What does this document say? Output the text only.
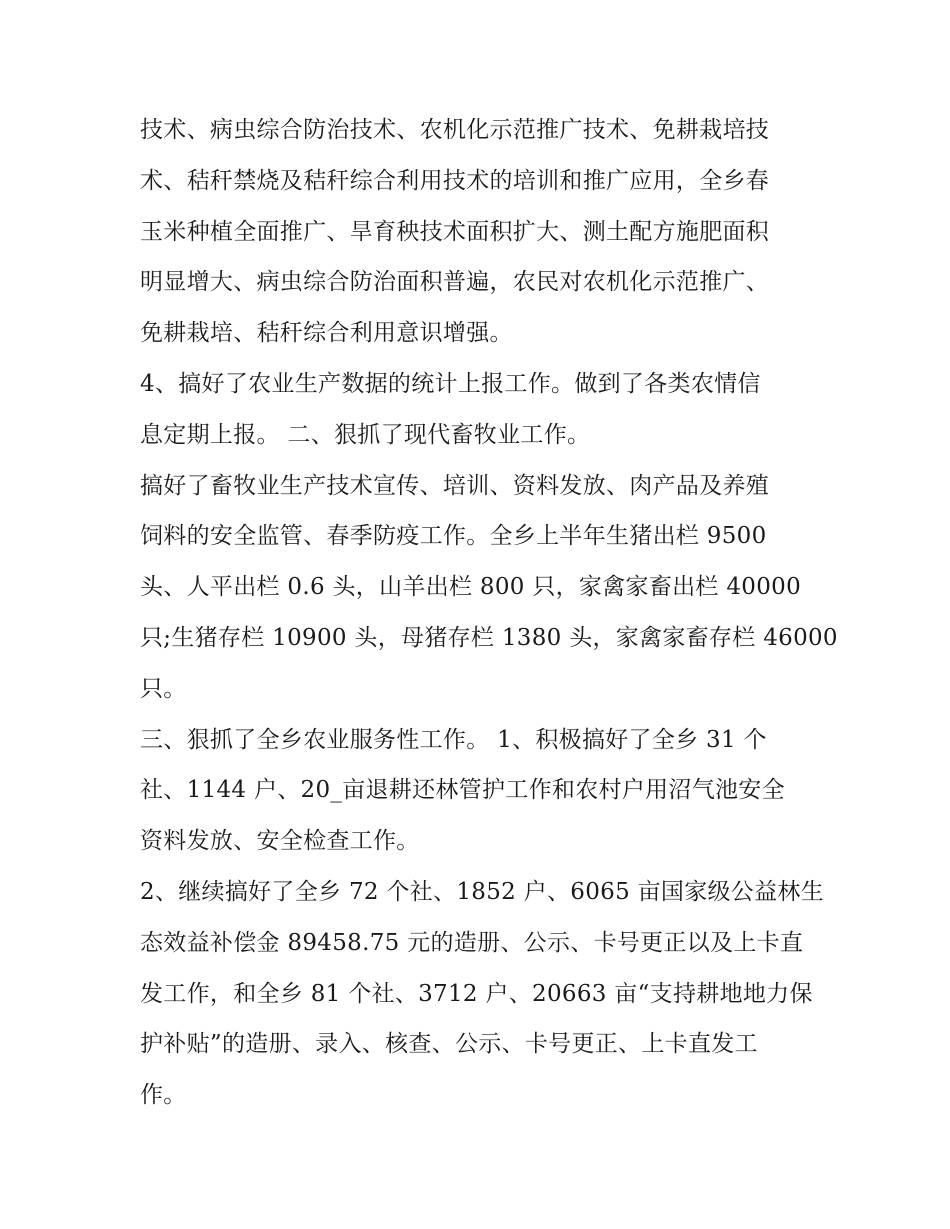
技术、病虫综合防治技术、农机化示范推广技术、免耕栽培技
术、秸秆禁烧及秸秆综合利用技术的培训和推广应用，全乡春
玉米种植全面推广、旱育秧技术面积扩大、测土配方施肥面积
明显增大、病虫综合防治面积普遍，农民对农机化示范推广、
免耕栽培、秸秆综合利用意识增强。
4、搞好了农业生产数据的统计上报工作。做到了各类农情信
息定期上报。 二、狠抓了现代畜牧业工作。
搞好了畜牧业生产技术宣传、培训、资料发放、肉产品及养殖
饲料的安全监管、春季防疫工作。全乡上半年生猪出栏 9500
头、人平出栏 0.6 头，山羊出栏 800 只，家禽家畜出栏 40000
只;生猪存栏 10900 头，母猪存栏 1380 头，家禽家畜存栏 46000
只。
三、狠抓了全乡农业服务性工作。 1、积极搞好了全乡 31 个
社、1144 户、20_亩退耕还林管护工作和农村户用沼气池安全
资料发放、安全检查工作。
2、继续搞好了全乡 72 个社、1852 户、6065 亩国家级公益林生
态效益补偿金 89458.75 元的造册、公示、卡号更正以及上卡直
发工作，和全乡 81 个社、3712 户、20663 亩“支持耕地地力保
护补贴”的造册、录入、核查、公示、卡号更正、上卡直发工
作。
